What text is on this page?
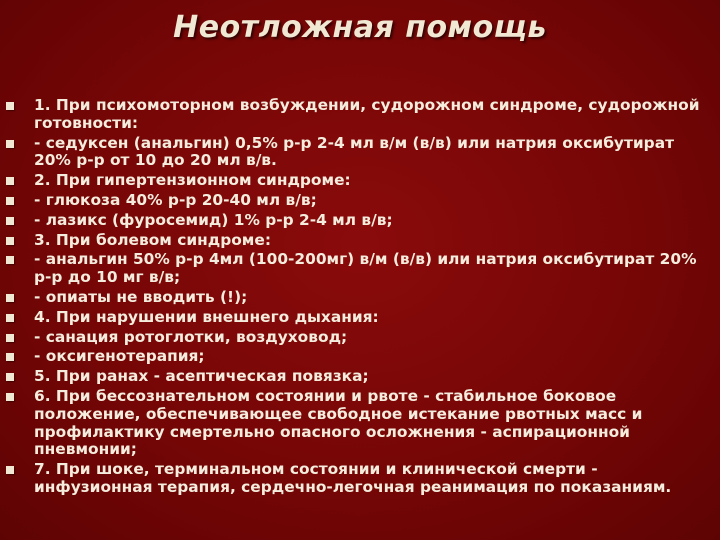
Неотложная помощь
1. При психомоторном возбуждении, судорожном синдроме, судорожной готовности:
- седуксен (анальгин) 0,5% р-р 2-4 мл в/м (в/в) или натрия оксибутират 20% р-р от 10 до 20 мл в/в.
2. При гипертензионном синдроме:
- глюкоза 40% р-р 20-40 мл в/в;
- лазикс (фуросемид) 1% р-р 2-4 мл в/в;
3. При болевом синдроме:
- анальгин 50% р-р 4мл (100-200мг) в/м (в/в) или натрия оксибутират 20% р-р до 10 мг в/в;
- опиаты не вводить (!);
4. При нарушении внешнего дыхания:
- санация ротоглотки, воздуховод;
- оксигенотерапия;
5. При ранах - асептическая повязка;
6. При бессознательном состоянии и рвоте - стабильное боковое положение, обеспечивающее свободное истекание рвотных масс и профилактику смертельно опасного осложнения - аспирационной пневмонии;
7. При шоке, терминальном состоянии и клинической смерти - инфузионная терапия, сердечно-легочная реанимация по показаниям.
